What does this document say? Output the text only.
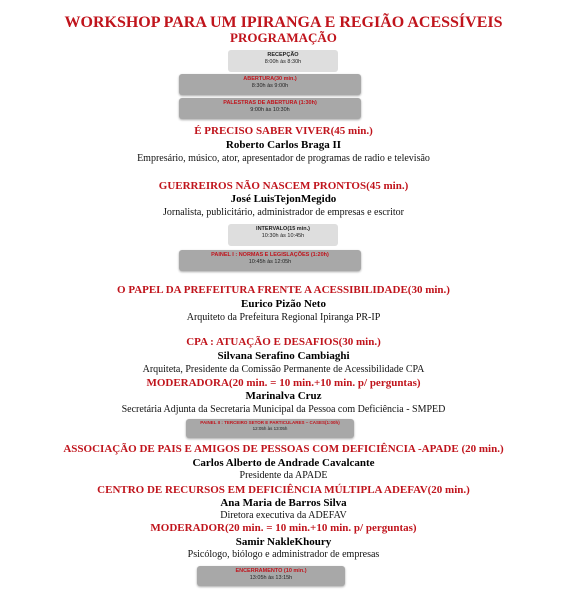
WORKSHOP PARA UM IPIRANGA E REGIÃO ACESSÍVEIS
PROGRAMAÇÃO
RECEPÇÃO
8:00h às 8:30h
ABERTURA(30 min.)
8:30h às 9:00h
PALESTRAS DE ABERTURA (1:30h)
9:00h às 10:30h
É PRECISO SABER VIVER(45 min.)
Roberto Carlos Braga II
Empresário, músico, ator, apresentador de programas de radio e televisão
GUERREIROS NÃO NASCEM PRONTOS(45 min.)
José LuisTejonMegido
Jornalista, publicitário, administrador de empresas e escritor
INTERVALO(15 min.)
10:30h às 10:45h
PAINEL I : NORMAS E LEGISLAÇÕES (1:20h)
10:45h às 12:05h
O PAPEL DA PREFEITURA FRENTE A ACESSIBILIDADE(30 min.)
Eurico Pizão Neto
Arquiteto da Prefeitura Regional Ipiranga PR-IP
CPA : ATUAÇÃO E DESAFIOS(30 min.)
Silvana Serafino Cambiaghi
Arquiteta, Presidente da Comissão Permanente de Acessibilidade CPA
MODERADORA(20 min. = 10 min.+10 min. p/ perguntas)
Marinalva Cruz
Secretária Adjunta da Secretaria Municipal da Pessoa com Deficiência - SMPED
PAINEL II : TERCEIRO SETOR E PARTICULARES – CASES(1:00h)
12:05h às 13:05h
ASSOCIAÇÃO DE PAIS E AMIGOS DE PESSOAS COM DEFICIÊNCIA -APADE (20 min.)
Carlos Alberto de Andrade Cavalcante
Presidente da APADE
CENTRO DE RECURSOS EM DEFICIÊNCIA MÚLTIPLA ADEFAV(20 min.)
Ana Maria de Barros Silva
Diretora executiva da ADEFAV
MODERADOR(20 min. = 10 min.+10 min. p/ perguntas)
Samir NakleKhoury
Psicólogo, biólogo e administrador de empresas
ENCERRAMENTO (10 min.)
13:05h às 13:15h
